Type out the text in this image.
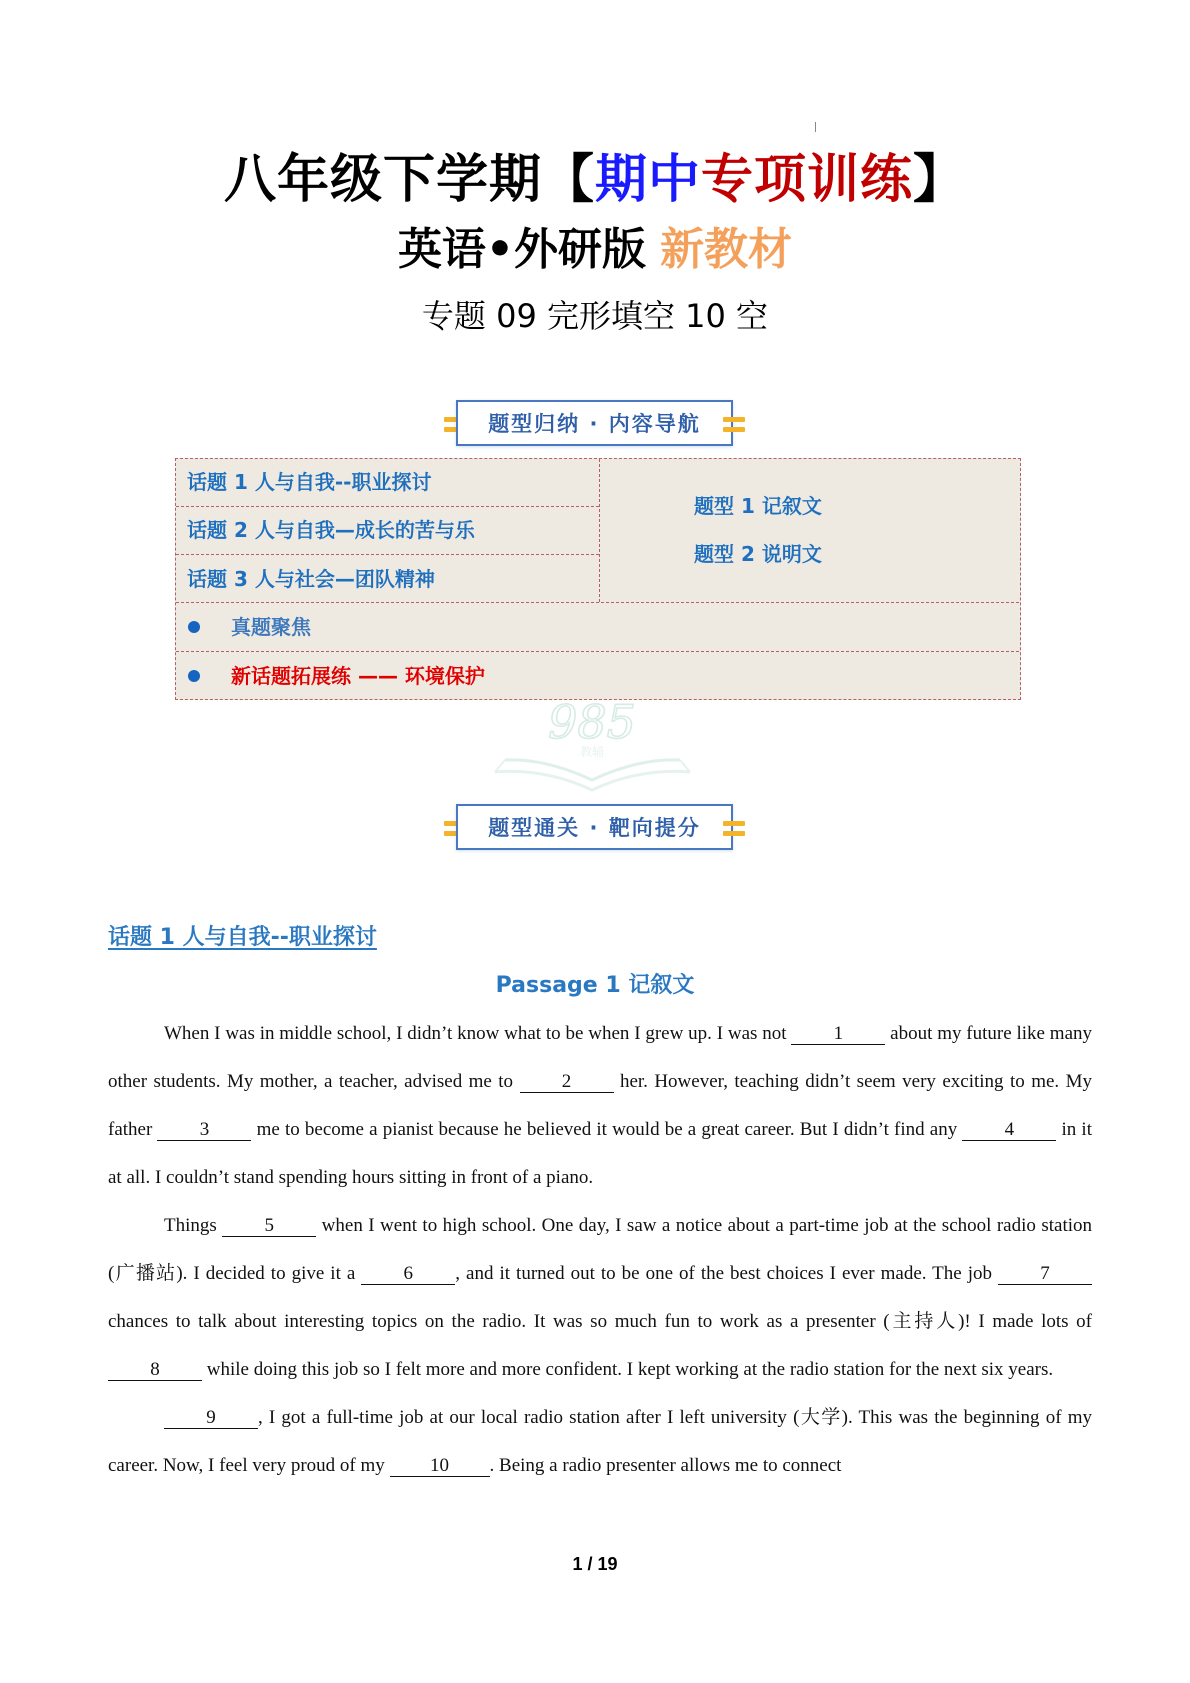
八年级下学期【期中专项训练】
英语•外研版 新教材
专题 09 完形填空 10 空
题型归纳 · 内容导航
话题 1 人与自我--职业探讨
话题 2 人与自我—成长的苦与乐
话题 3 人与社会—团队精神
题型 1 记叙文
题型 2 说明文
真题聚焦
新话题拓展练 —— 环境保护
985
教辅
题型通关 · 靶向提分
话题 1 人与自我--职业探讨
Passage 1 记叙文

When I was in middle school, I didn’t know what to be when I grew up. I was not 1 about my future like many other students. My mother, a teacher, advised me to 2 her. However, teaching didn’t seem very exciting to me. My father 3 me to become a pianist because he believed it would be a great career. But I didn’t find any 4 in it at all. I couldn’t stand spending hours sitting in front of a piano.

Things 5 when I went to high school. One day, I saw a notice about a part-time job at the school radio station (广播站). I decided to give it a 6 , and it turned out to be one of the best choices I ever made. The job 7 chances to talk about interesting topics on the radio. It was so much fun to work as a presenter (主持人)! I made lots of 8 while doing this job so I felt more and more confident. I kept working at the radio station for the next six years.

9 , I got a full-time job at our local radio station after I left university (大学). This was the beginning of my career. Now, I feel very proud of my 10 . Being a radio presenter allows me to connect

1 / 19
